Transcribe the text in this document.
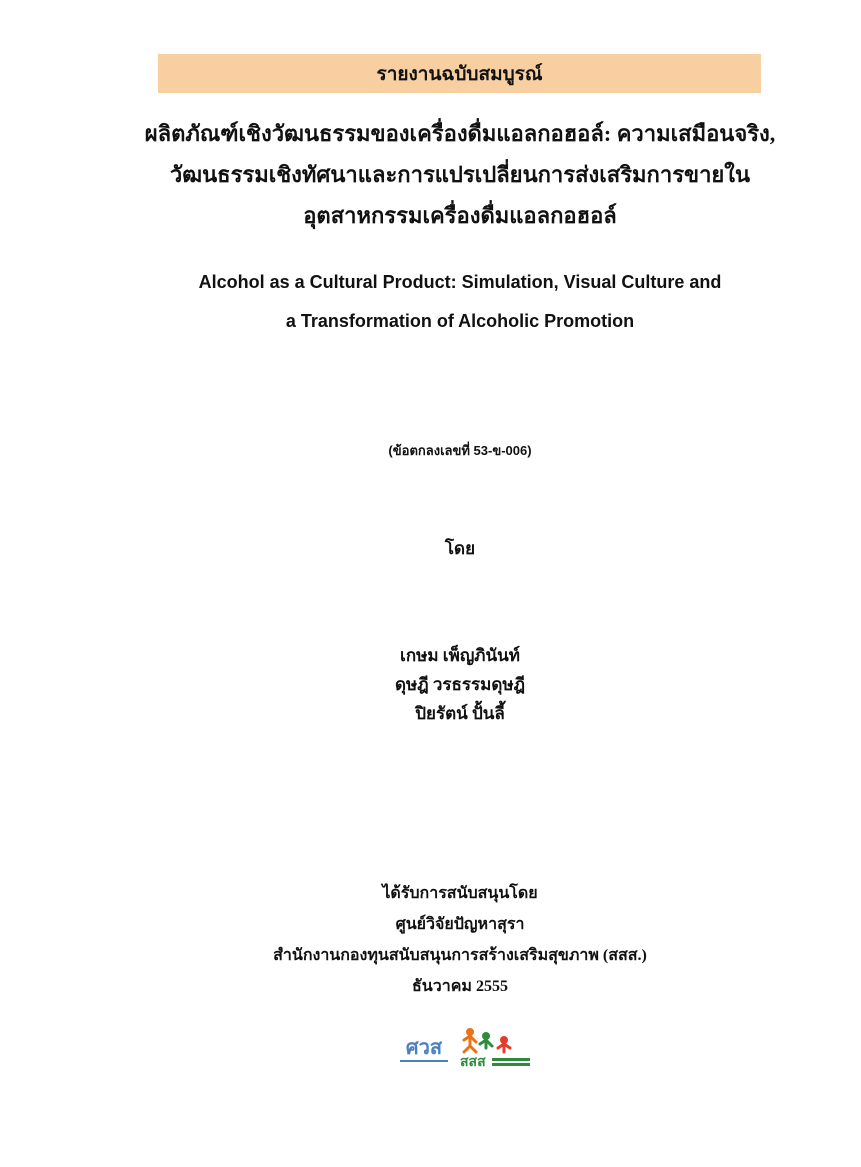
รายงานฉบับสมบูรณ์
ผลิตภัณฑ์เชิงวัฒนธรรมของเครื่องดื่มแอลกอฮอล์: ความเสมือนจริง,
วัฒนธรรมเชิงทัศนาและการแปรเปลี่ยนการส่งเสริมการขายใน
อุตสาหกรรมเครื่องดื่มแอลกอฮอล์
Alcohol as a Cultural Product: Simulation, Visual Culture and
a Transformation of Alcoholic Promotion
(ข้อตกลงเลขที่ 53-ข-006)
โดย
เกษม เพ็ญภินันท์
ดุษฎี วรธรรมดุษฎี
ปิยรัตน์ ปั้นลี้
ได้รับการสนับสนุนโดย
ศูนย์วิจัยปัญหาสุรา
สำนักงานกองทุนสนับสนุนการสร้างเสริมสุขภาพ (สสส.)
ธันวาคม 2555
ศวส
สสส
